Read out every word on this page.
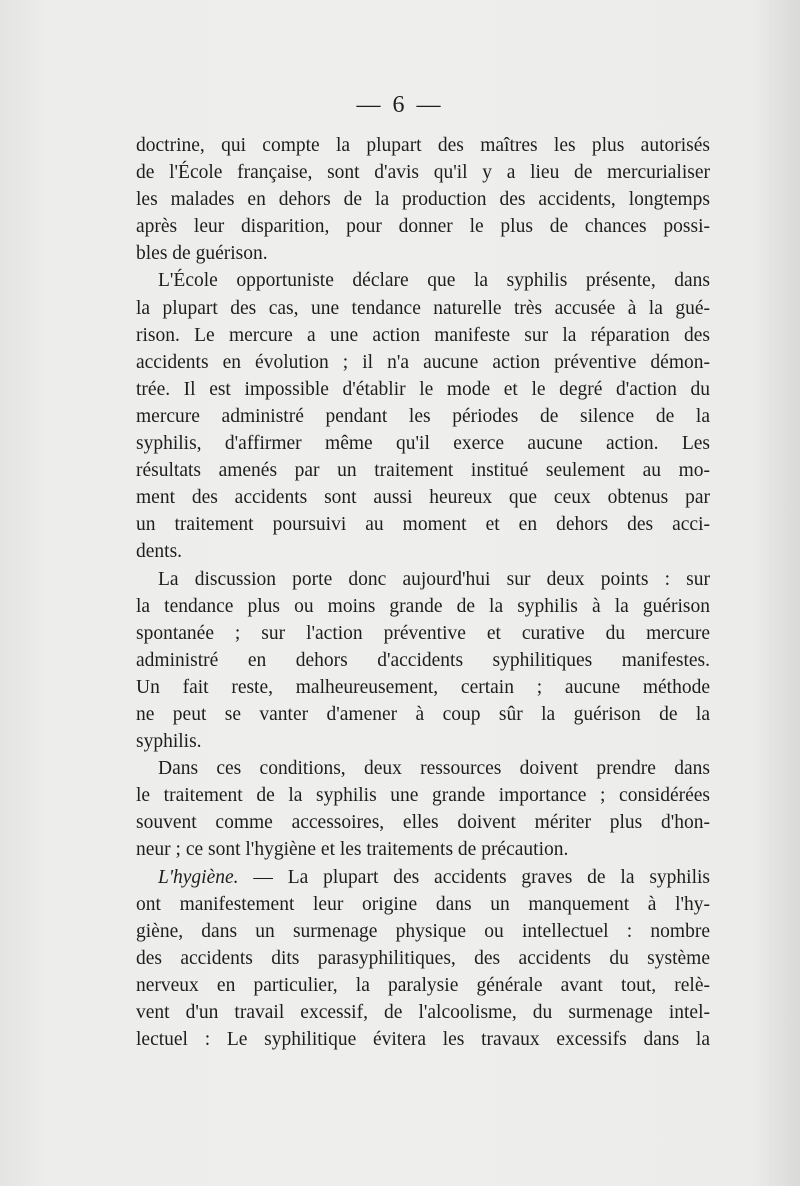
— 6 —
doctrine, qui compte la plupart des maîtres les plus autorisés
de l'École française, sont d'avis qu'il y a lieu de mercurialiser
les malades en dehors de la production des accidents, longtemps
après leur disparition, pour donner le plus de chances possi-
bles de guérison.
L'École opportuniste déclare que la syphilis présente, dans
la plupart des cas, une tendance naturelle très accusée à la gué-
rison. Le mercure a une action manifeste sur la réparation des
accidents en évolution ; il n'a aucune action préventive démon-
trée. Il est impossible d'établir le mode et le degré d'action du
mercure administré pendant les périodes de silence de la
syphilis, d'affirmer même qu'il exerce aucune action. Les
résultats amenés par un traitement institué seulement au mo-
ment des accidents sont aussi heureux que ceux obtenus par
un traitement poursuivi au moment et en dehors des acci-
dents.
La discussion porte donc aujourd'hui sur deux points : sur
la tendance plus ou moins grande de la syphilis à la guérison
spontanée ; sur l'action préventive et curative du mercure
administré en dehors d'accidents syphilitiques manifestes.
Un fait reste, malheureusement, certain ; aucune méthode
ne peut se vanter d'amener à coup sûr la guérison de la
syphilis.
Dans ces conditions, deux ressources doivent prendre dans
le traitement de la syphilis une grande importance ; considérées
souvent comme accessoires, elles doivent mériter plus d'hon-
neur ; ce sont l'hygiène et les traitements de précaution.
L'hygiène. — La plupart des accidents graves de la syphilis
ont manifestement leur origine dans un manquement à l'hy-
giène, dans un surmenage physique ou intellectuel : nombre
des accidents dits parasyphilitiques, des accidents du système
nerveux en particulier, la paralysie générale avant tout, relè-
vent d'un travail excessif, de l'alcoolisme, du surmenage intel-
lectuel : Le syphilitique évitera les travaux excessifs dans la
